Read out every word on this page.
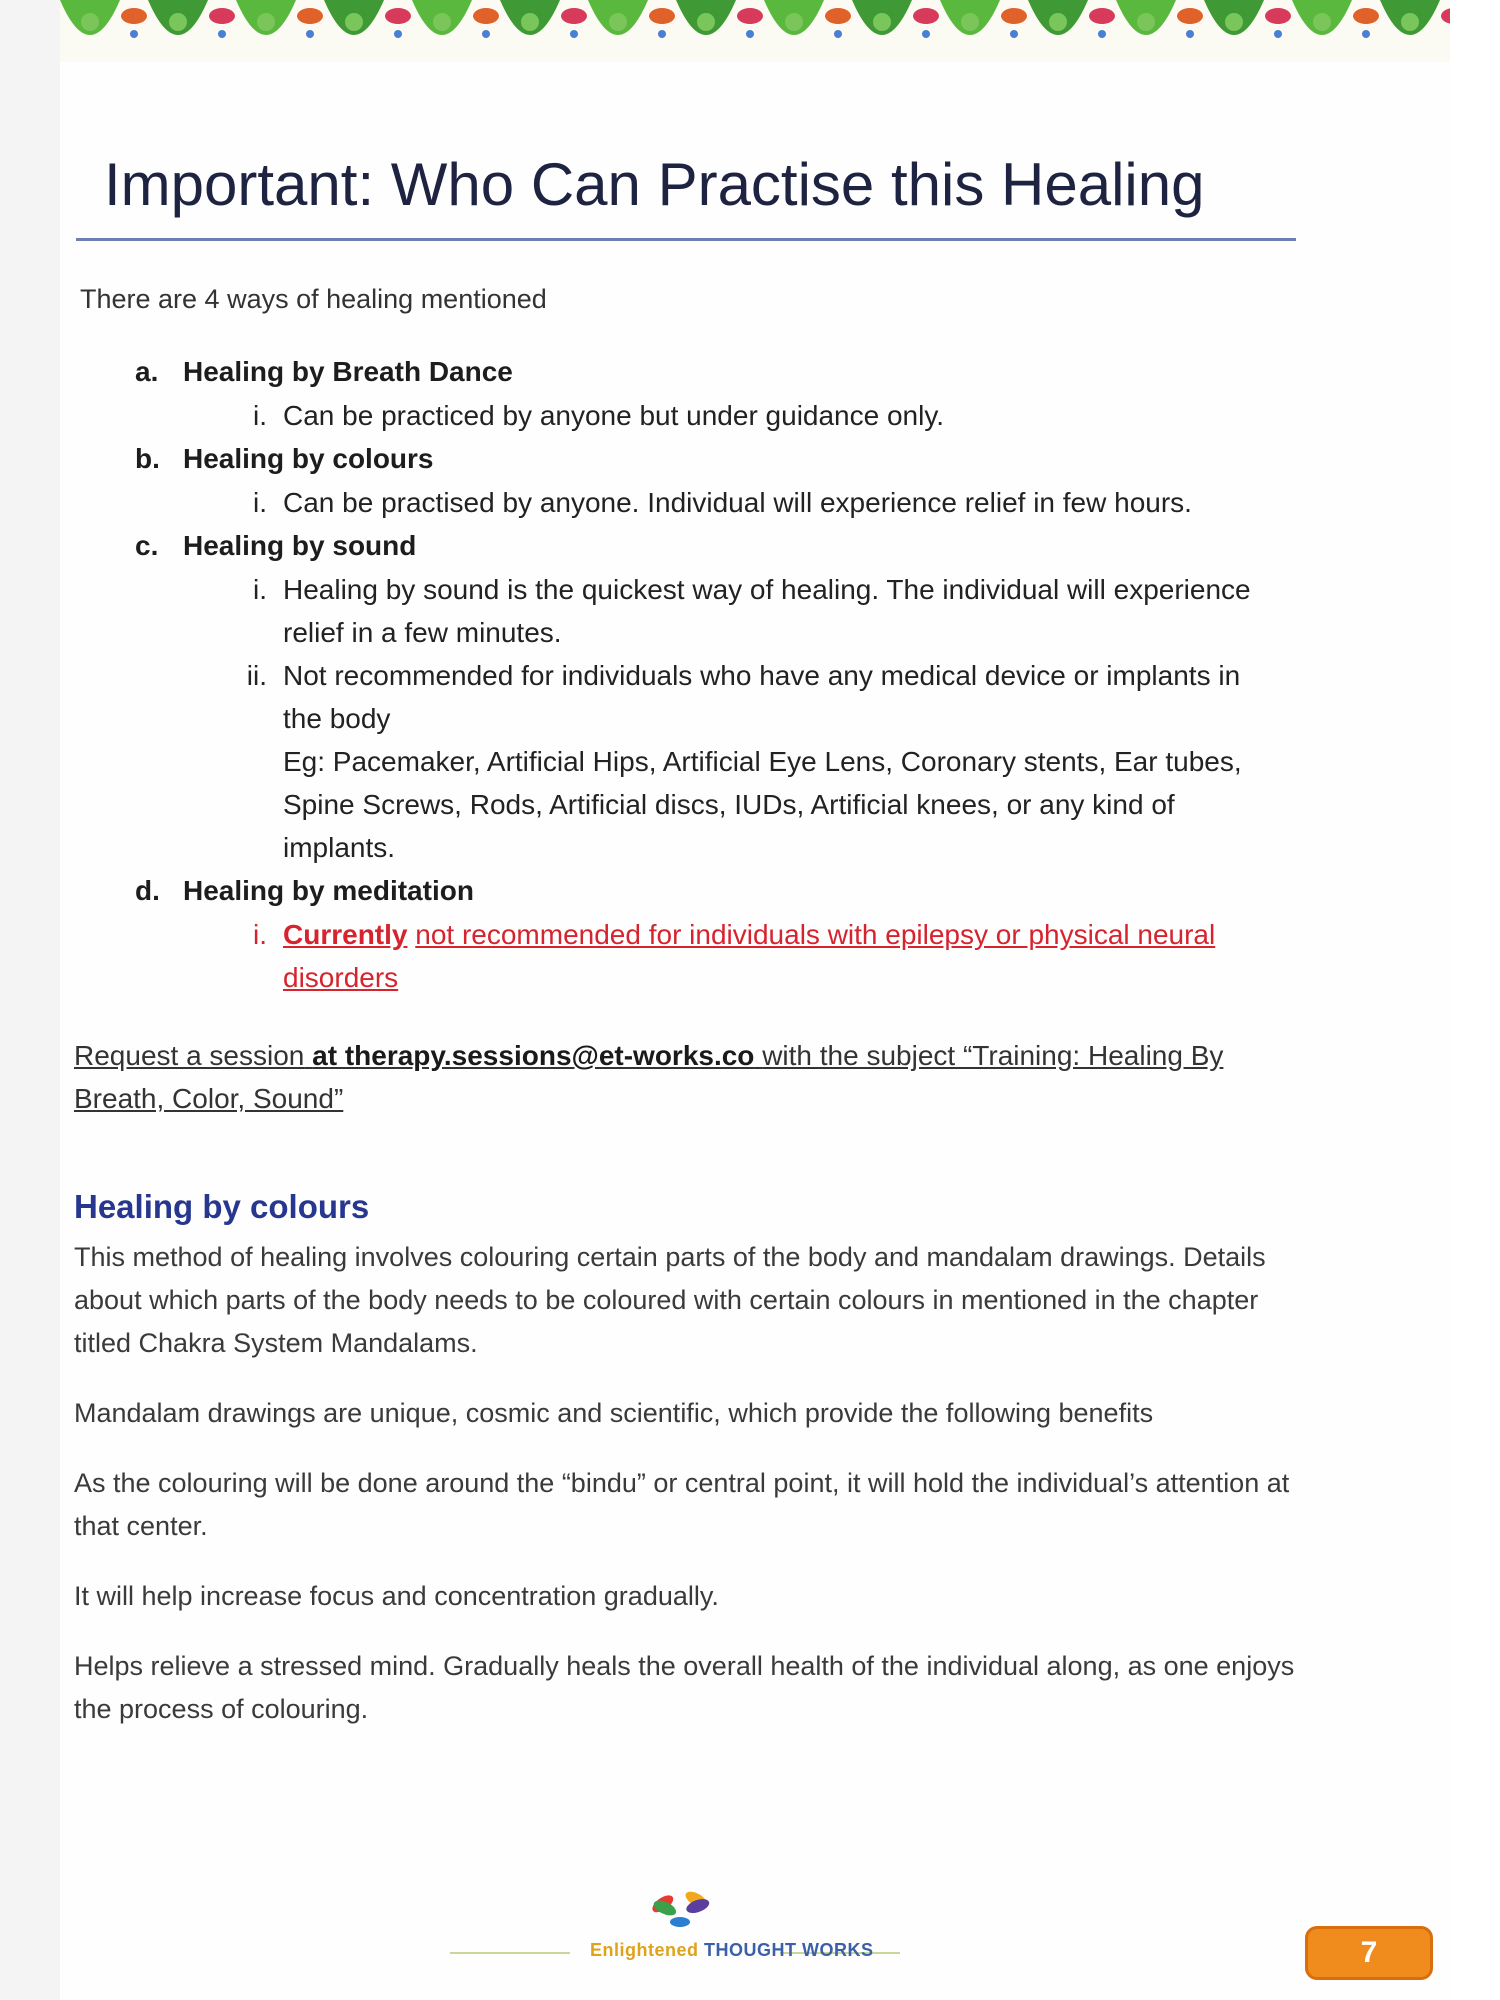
Important: Who Can Practise this Healing

There are 4 ways of healing mentioned

a. Healing by Breath Dance
i. Can be practiced by anyone but under guidance only.
b. Healing by colours
i. Can be practised by anyone. Individual will experience relief in few hours.
c. Healing by sound
i. Healing by sound is the quickest way of healing. The individual will experience relief in a few minutes.
ii. Not recommended for individuals who have any medical device or implants in the body
Eg: Pacemaker, Artificial Hips, Artificial Eye Lens, Coronary stents, Ear tubes, Spine Screws, Rods, Artificial discs, IUDs, Artificial knees, or any kind of implants.
d. Healing by meditation
i. Currently not recommended for individuals with epilepsy or physical neural disorders

Request a session at therapy.sessions@et-works.co with the subject “Training: Healing By Breath, Color, Sound”

Healing by colours

This method of healing involves colouring certain parts of the body and mandalam drawings. Details about which parts of the body needs to be coloured with certain colours in mentioned in the chapter titled Chakra System Mandalams.

Mandalam drawings are unique, cosmic and scientific, which provide the following benefits

As the colouring will be done around the “bindu” or central point, it will hold the individual’s attention at that center.

It will help increase focus and concentration gradually.

Helps relieve a stressed mind. Gradually heals the overall health of the individual along, as one enjoys the process of colouring.

Enlightened THOUGHT WORKS	7
